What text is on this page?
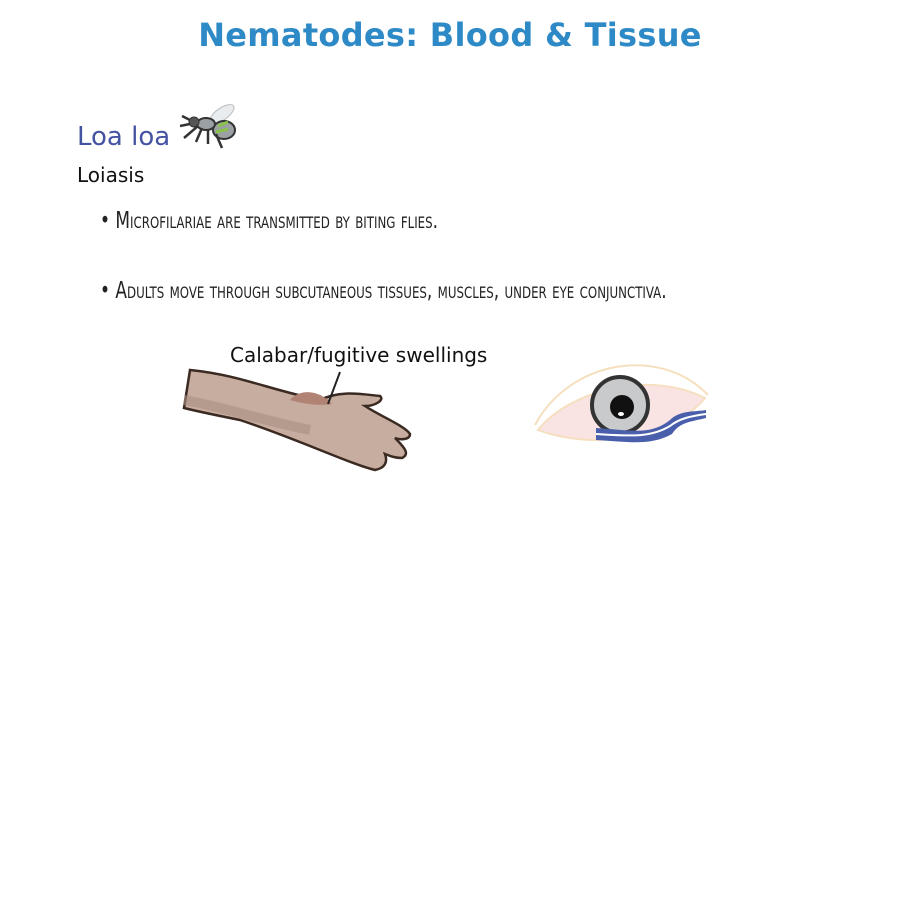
Nematodes: Blood & Tissue
Loa loa
Loiasis
• Microfilariae are transmitted by biting flies.
• Adults move through subcutaneous tissues, muscles, under eye conjunctiva.
Calabar/fugitive swellings
